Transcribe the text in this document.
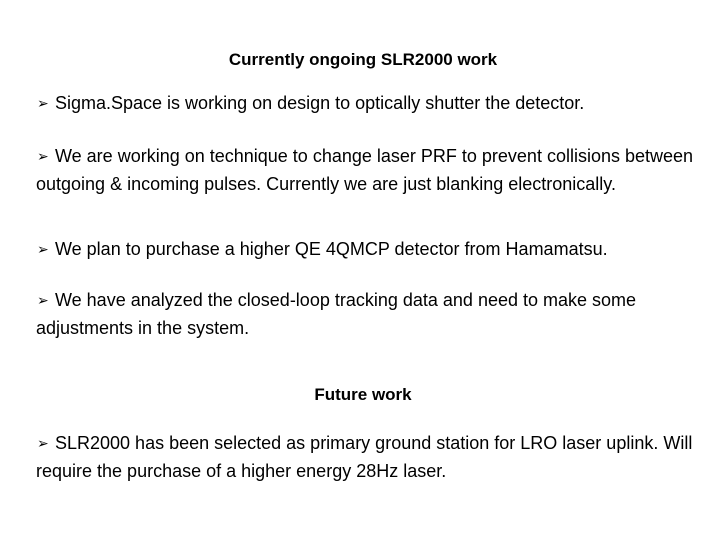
Currently ongoing SLR2000 work
➢ Sigma.Space is working on design to optically shutter the detector.
➢ We are working on technique to change laser PRF to prevent collisions between outgoing & incoming pulses. Currently we are just blanking electronically.
➢ We plan to purchase a higher QE 4QMCP detector from Hamamatsu.
➢ We have analyzed the closed-loop tracking data and need to make some adjustments in the system.
Future work
➢ SLR2000 has been selected as primary ground station for LRO laser uplink. Will require the purchase of a higher energy 28Hz laser.
